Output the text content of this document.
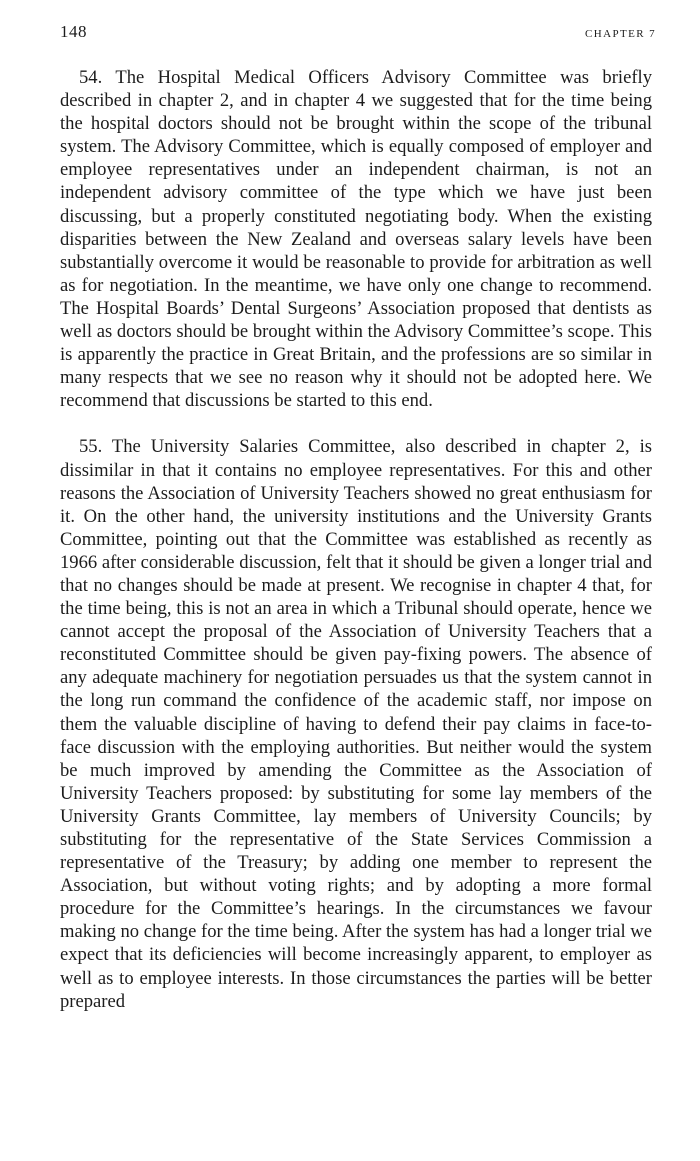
148	CHAPTER 7

54. The Hospital Medical Officers Advisory Committee was briefly described in chapter 2, and in chapter 4 we suggested that for the time being the hospital doctors should not be brought within the scope of the tribunal system. The Advisory Committee, which is equally composed of employer and employee representatives under an independent chairman, is not an independent advisory committee of the type which we have just been discussing, but a properly constituted negotiating body. When the existing disparities between the New Zealand and overseas salary levels have been substantially overcome it would be reasonable to provide for arbitration as well as for negotiation. In the meantime, we have only one change to recommend. The Hospital Boards’ Dental Surgeons’ Association proposed that dentists as well as doctors should be brought within the Advisory Committee’s scope. This is apparently the practice in Great Britain, and the professions are so similar in many respects that we see no reason why it should not be adopted here. We recommend that discussions be started to this end.

55. The University Salaries Committee, also described in chapter 2, is dissimilar in that it contains no employee representatives. For this and other reasons the Association of University Teachers showed no great enthusiasm for it. On the other hand, the university institutions and the University Grants Committee, pointing out that the Committee was established as recently as 1966 after considerable discussion, felt that it should be given a longer trial and that no changes should be made at present. We recognise in chapter 4 that, for the time being, this is not an area in which a Tribunal should operate, hence we cannot accept the proposal of the Association of University Teachers that a reconstituted Committee should be given pay-fixing powers. The absence of any adequate machinery for negotiation persuades us that the system cannot in the long run command the confidence of the academic staff, nor impose on them the valuable discipline of having to defend their pay claims in face-to-face discussion with the employing authorities. But neither would the system be much improved by amending the Committee as the Association of University Teachers proposed: by substituting for some lay members of the University Grants Committee, lay members of University Councils; by substituting for the representative of the State Services Commission a representative of the Treasury; by adding one member to represent the Association, but without voting rights; and by adopting a more formal procedure for the Committee’s hearings. In the circumstances we favour making no change for the time being. After the system has had a longer trial we expect that its deficiencies will become increasingly apparent, to employer as well as to employee interests. In those circumstances the parties will be better prepared
